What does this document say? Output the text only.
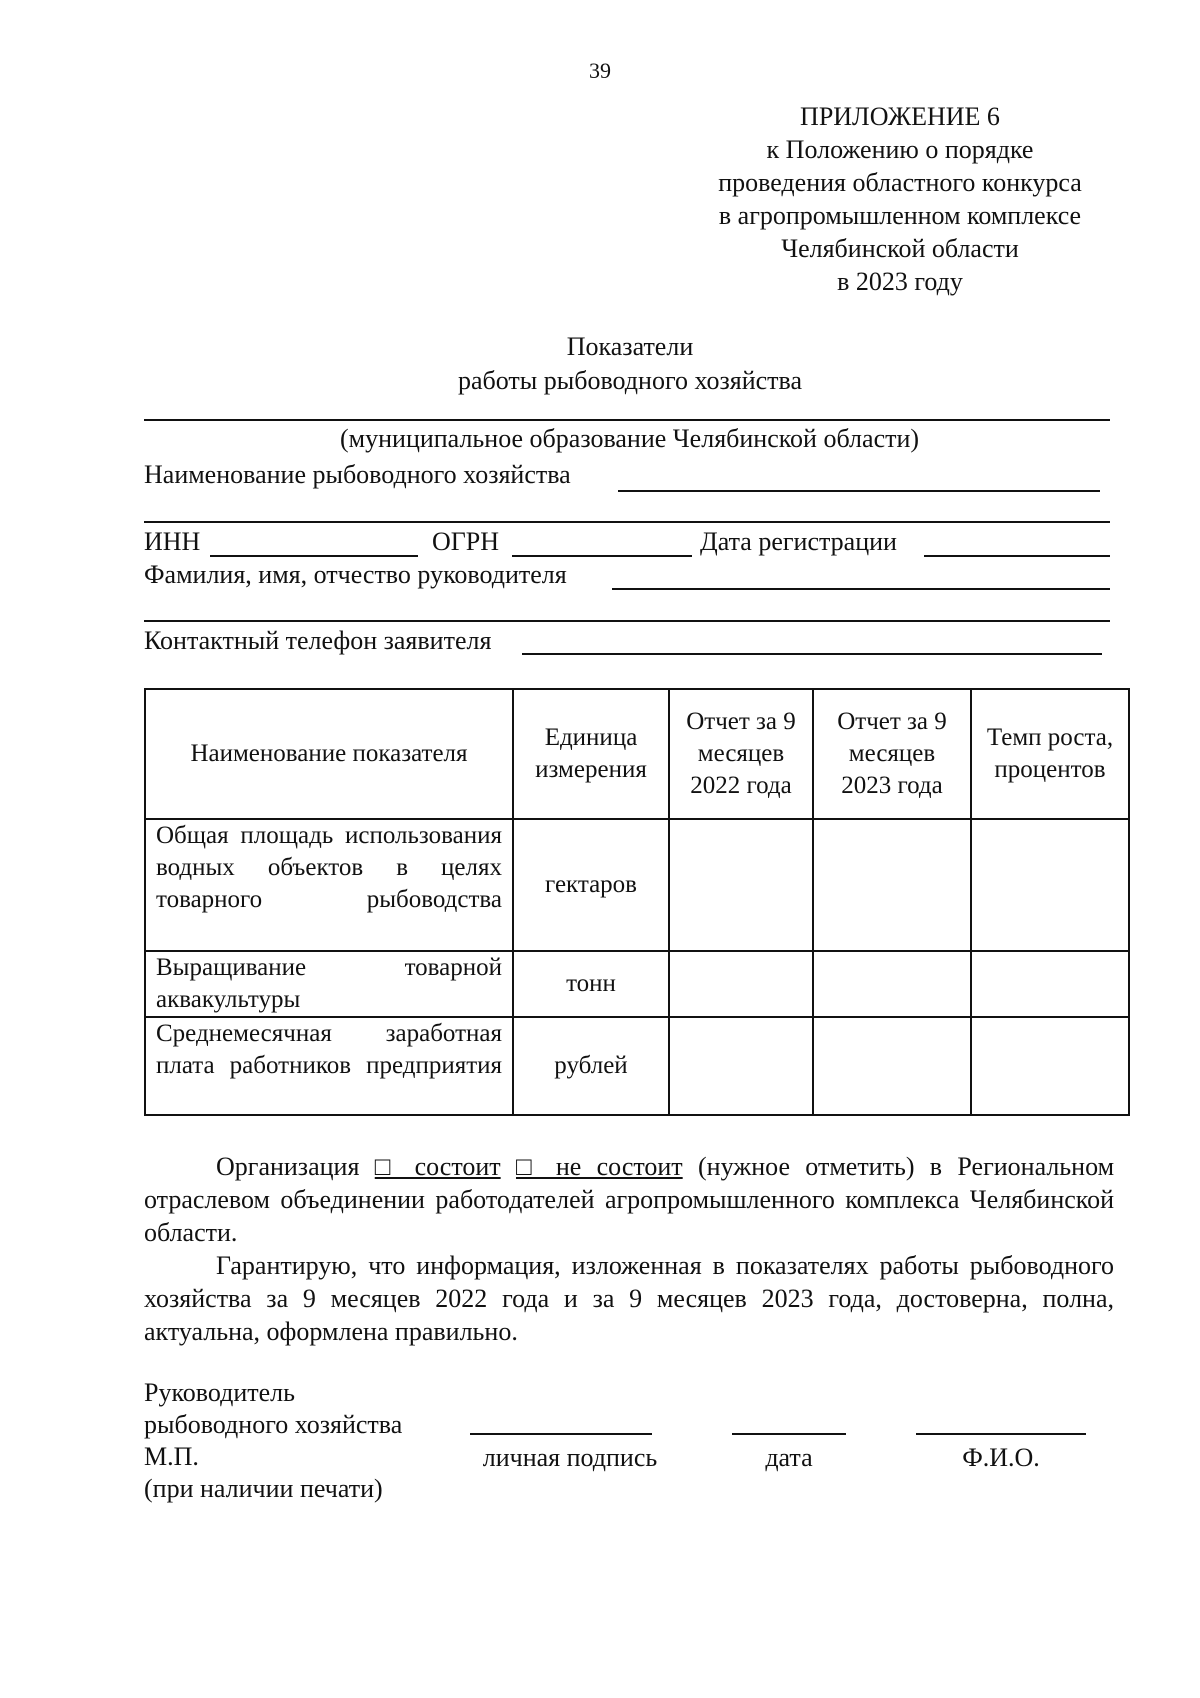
39
ПРИЛОЖЕНИЕ 6
к Положению о порядке
проведения областного конкурса
в агропромышленном комплексе
Челябинской области
в 2023 году
Показатели
работы рыбоводного хозяйства
(муниципальное образование Челябинской области)
Наименование рыбоводного хозяйства
ИНН	ОГРН	Дата регистрации
Фамилия, имя, отчество руководителя
Контактный телефон заявителя
Наименование показателя	Единица измерения	Отчет за 9 месяцев 2022 года	Отчет за 9 месяцев 2023 года	Темп роста, процентов
Общая площадь использования водных объектов в целях товарного рыбоводства	гектаров			
Выращивание товарной аквакультуры	тонн			
Среднемесячная заработная плата работников предприятия	рублей			

Организация □ состоит □ не состоит (нужное отметить) в Региональном отраслевом объединении работодателей агропромышленного комплекса Челябинской области.

Гарантирую, что информация, изложенная в показателях работы рыбоводного хозяйства за 9 месяцев 2022 года и за 9 месяцев 2023 года, достоверна, полна, актуальна, оформлена правильно.

Руководитель
рыбоводного хозяйства
М.П.
(при наличии печати)
личная подпись	дата	Ф.И.О.
